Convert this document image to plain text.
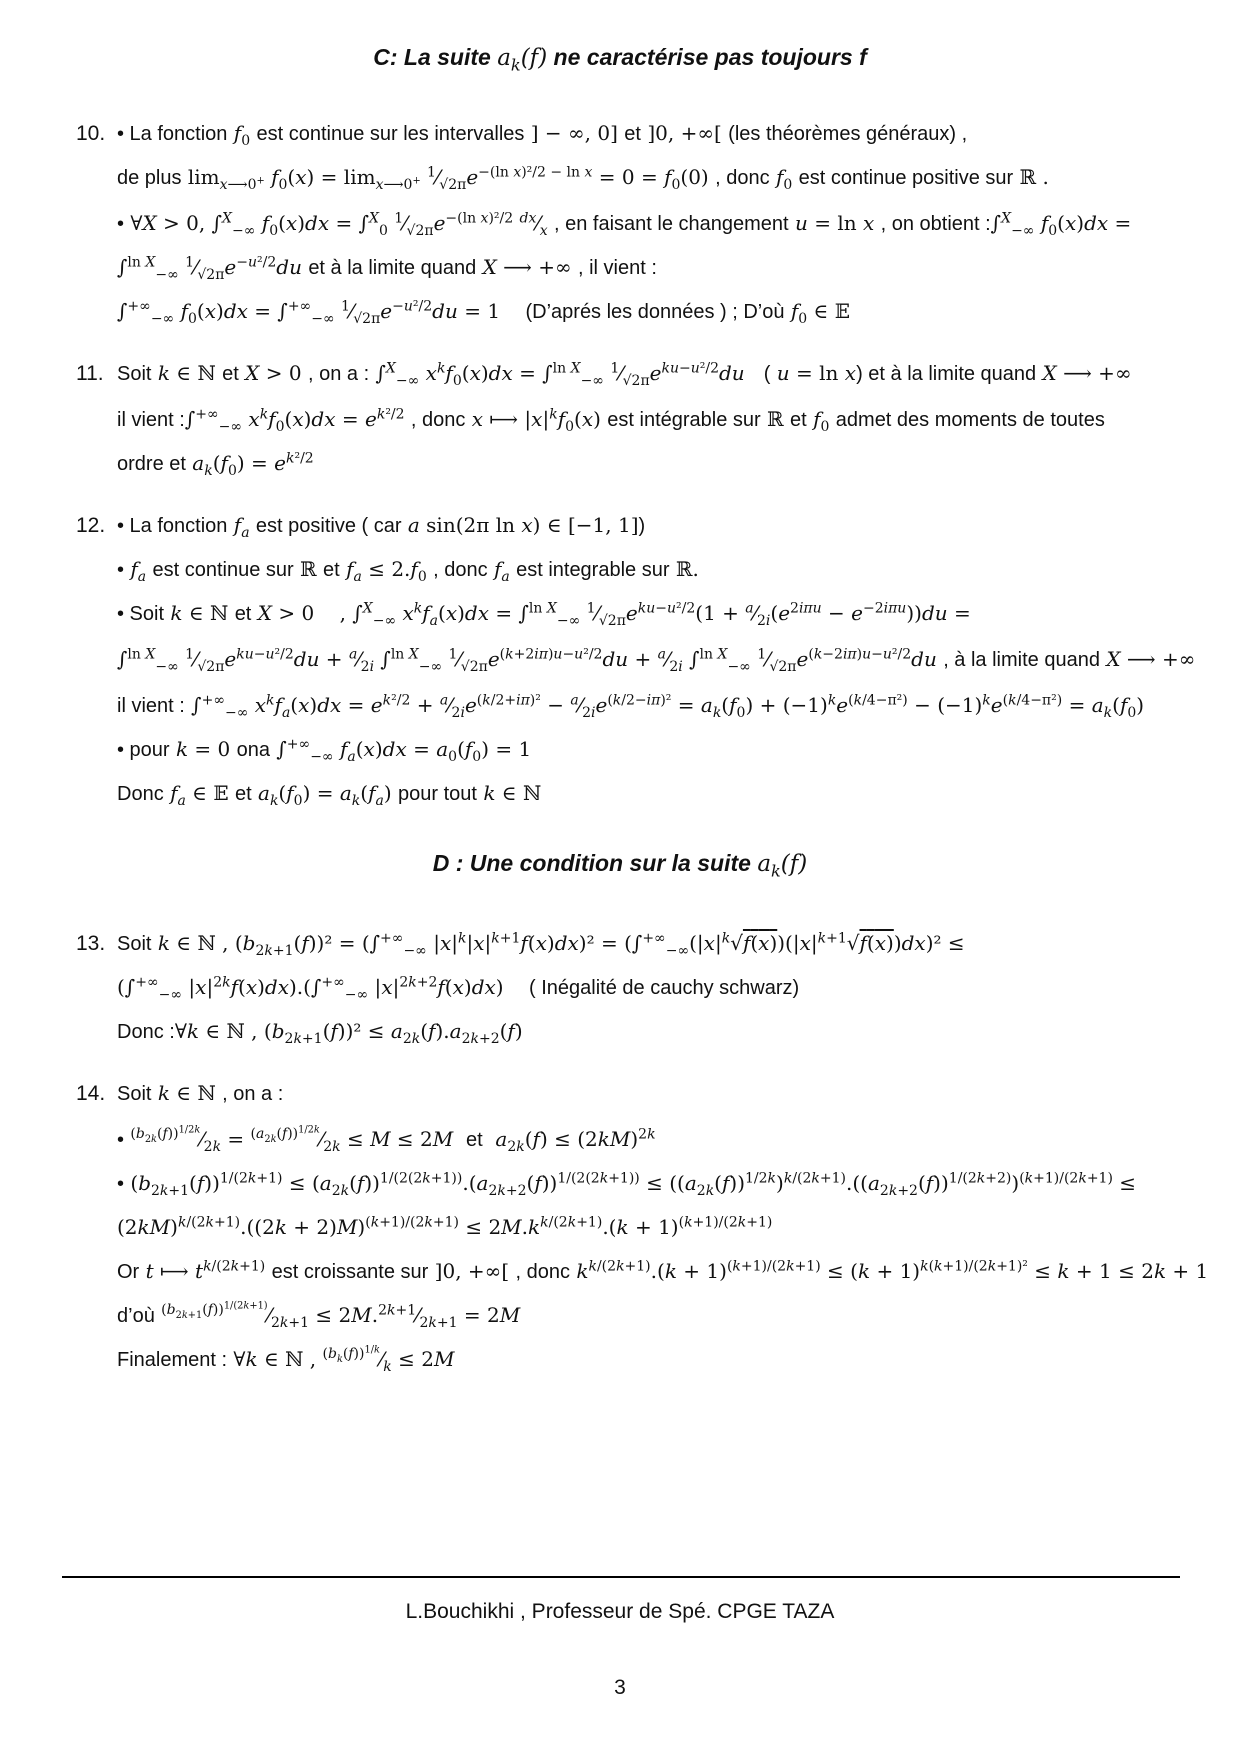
C: La suite $a_k(f)$ ne caractérise pas toujours f
10. • La fonction $f_0$ est continue sur les intervalles ] − ∞, 0] et ]0, +∞[ (les théorèmes généraux) ,
de plus $\lim_{x⟶0^+} f_0(x) = \lim_{x⟶0^+}$ $^1⁄_{√2\pi}e^{-(ln x)^2/2 - ln x} = 0 = f_0(0)$ , donc $f_0$ est continue positive sur ℝ .
• ∀X > 0, ∫$^X_{-\infty}$ $f_0(x)dx = \int^X_0$ $^1⁄_{√2\pi}e^{-(ln x)^2/2}$ $^{dx}⁄_x$ , en faisant le changement u = ln x , on obtient :∫$^X_{-\infty}$ $f_0(x)dx$ =
∫$^{ln X}_{-\infty}$ $^1⁄_{√2\pi}e^{-u^2/2}du$ et à la limite quand X ⟶ +∞ , il vient :
$\int^{+\infty}_{-\infty}$ $f_0(x)dx = \int^{+\infty}_{-\infty}$ $^1⁄_{√2\pi}e^{-u^2/2}du = 1$    (D’aprés les données ) ; D’où $f_0$ ∈ 𝔼
11. Soit k ∈ ℕ et X > 0 , on a : ∫$^X_{-\infty}$ $x^kf_0(x)dx = \int^{ln X}_{-\infty}$ $^1⁄_{√2\pi}e^{ku-u^2/2}du$ ( u = ln x) et à la limite quand X ⟶ +∞
il vient $:\int^{+\infty}_{-\infty}$ $x^kf_0(x)dx = e^{k^2/2}$ , donc x ⟼ $|x|^kf_0(x)$ est intégrable sur ℝ et $f_0$ admet des moments de toutes
ordre et $a_k(f_0) = e^{k^2/2}$
12. • La fonction $f_a$ est positive ( car a sin(2π ln x) ∈ [−1, 1])
• $f_a$ est continue sur ℝ et $f_a \le 2.f_0$ , donc $f_a$ est integrable sur ℝ.
• Soit k ∈ ℕ et X > 0    , ∫$^X_{-\infty}$ $x^kf_a(x)dx = \int^{ln X}_{-\infty}$ $^1⁄_{√2\pi}e^{ku-u^2/2}(1$ + $^a⁄_{2i}(e^{2i\pi u} - e^{-2i\pi u}))du$ =
∫$^{ln X}_{-\infty}$ $^1⁄_{√2\pi}e^{ku-u^2/2}du$ + $^a⁄_{2i}$ ∫$^{ln X}_{-\infty}$ $^1⁄_{√2\pi}e^{(k+2i\pi)u-u^2/2}du$ + $^a⁄_{2i}$ ∫$^{ln X}_{-\infty}$ $^1⁄_{√2\pi}e^{(k-2i\pi)u-u^2/2}du$ , à la limite quand X ⟶ +∞
il vient : $\int^{+\infty}_{-\infty}$ $x^kf_a(x)dx = e^{k^2/2}$ + $^a⁄_{2i}e^{(k/2+i\pi)^2}$ − $^a⁄_{2i}e^{(k/2-i\pi)^2} = a_k(f_0) + (-1)^ke^{(k/4-\pi^2)} - (-1)^ke^{(k/4-\pi^2)} = a_k(f_0)$
• pour k = 0 ona $\int^{+\infty}_{-\infty}$ $f_a(x)dx = a_0(f_0) = 1$
Donc $f_a$ ∈ 𝔼 et $a_k(f_0) = a_k(f_a)$ pour tout k ∈ ℕ
D : Une condition sur la suite $a_k(f)$
13. Soit k ∈ ℕ , $(b_{2k+1}(f))^2 = (\int^{+\infty}_{-\infty}$ $|x|^k|x|^{k+1}f(x)dx)^2 = (\int^{+\infty}_{-\infty}(|x|^k√f(x))(|x|^{k+1}√f(x))dx)^2$ ≤
($\int^{+\infty}_{-\infty}$ $|x|^{2k}f(x)dx).(\int^{+\infty}_{-\infty}$ $|x|^{2k+2}f(x)dx$)    ( Inégalité de cauchy schwarz)
Donc :∀k ∈ ℕ , $(b_{2k+1}(f))^2 \le a_{2k}(f).a_{2k+2}(f)$
14. Soit k ∈ ℕ , on a :
• $^{(b_{2k}(f))^{1/2k}}⁄_{2k}$ = $^{(a_{2k}(f))^{1/2k}}⁄_{2k} \le M \le 2M$ et $a_{2k}(f) \le (2kM)^{2k}$
• $(b_{2k+1}(f))^{1/(2k+1)} \le (a_{2k}(f))^{1/(2(2k+1))}.(a_{2k+2}(f))^{1/(2(2k+1))} \le ((a_{2k}(f))^{1/2k})^{k/(2k+1)}.((a_{2k+2}(f))^{1/(2k+2)})^{(k+1)/(2k+1)}$ ≤
$(2kM)^{k/(2k+1)}.((2k + 2)M)^{(k+1)/(2k+1)} \le 2M.k^{k/(2k+1)}.(k + 1)^{(k+1)/(2k+1)}$
Or t ⟼ $t^{k/(2k+1)}$ est croissante sur ]0, +∞[ , donc $k^{k/(2k+1)}.(k + 1)^{(k+1)/(2k+1)} \le (k + 1)^{k(k+1)/(2k+1)^2} \le k + 1 \le 2k + 1$
d’où $^{(b_{2k+1}(f))^{1/(2k+1)}}⁄_{2k+1}$ ≤ $2M.^{2k+1}⁄_{2k+1} = 2M$
Finalement : ∀k ∈ ℕ , $^{(b_k(f))^{1/k}}⁄_k \le 2M$
L.Bouchikhi , Professeur de Spé. CPGE TAZA
3
